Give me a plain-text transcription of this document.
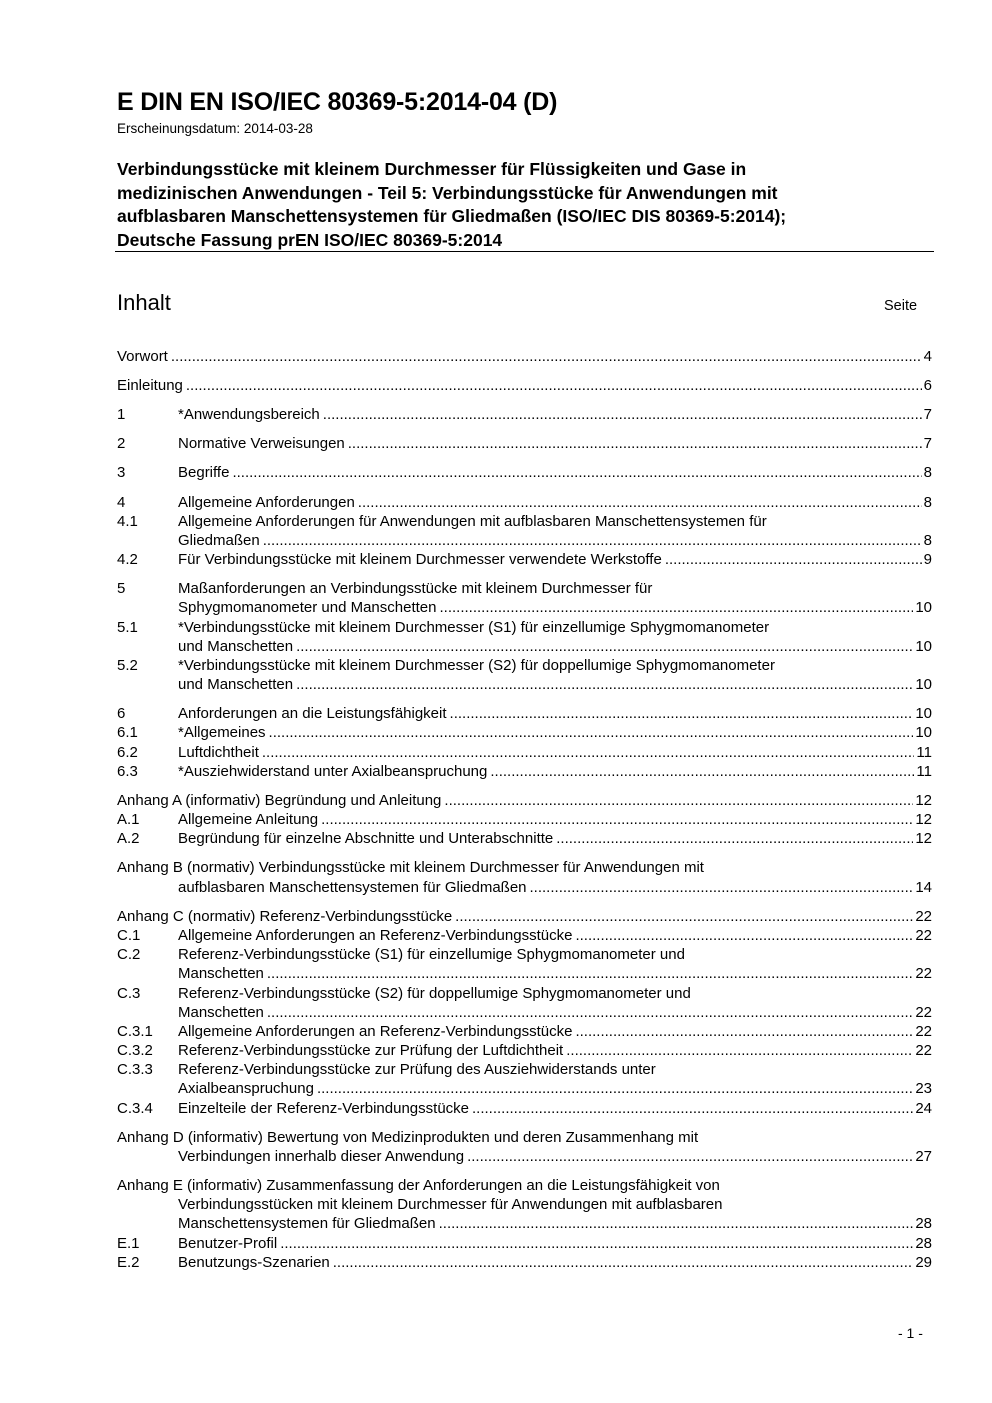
E DIN EN ISO/IEC 80369-5:2014-04 (D)
Erscheinungsdatum: 2014-03-28
Verbindungsstücke mit kleinem Durchmesser für Flüssigkeiten und Gase in
medizinischen Anwendungen - Teil 5: Verbindungsstücke für Anwendungen mit
aufblasbaren Manschettensystemen für Gliedmaßen (ISO/IEC DIS 80369-5:2014);
Deutsche Fassung prEN ISO/IEC 80369-5:2014
Inhalt	Seite
Vorwort .....	4
Einleitung .....	6
1	*Anwendungsbereich .....	7
2	Normative Verweisungen .....	7
3	Begriffe .....	8
4	Allgemeine Anforderungen .....	8
4.1	Allgemeine Anforderungen für Anwendungen mit aufblasbaren Manschettensystemen für
Gliedmaßen .....	8
4.2	Für Verbindungsstücke mit kleinem Durchmesser verwendete Werkstoffe .....	9
5	Maßanforderungen an Verbindungsstücke mit kleinem Durchmesser für
Sphygmomanometer und Manschetten .....	10
5.1	*Verbindungsstücke mit kleinem Durchmesser (S1) für einzellumige Sphygmomanometer
und Manschetten .....	10
5.2	*Verbindungsstücke mit kleinem Durchmesser (S2) für doppellumige Sphygmomanometer
und Manschetten .....	10
6	Anforderungen an die Leistungsfähigkeit .....	10
6.1	*Allgemeines .....	10
6.2	Luftdichtheit .....	11
6.3	*Ausziehwiderstand unter Axialbeanspruchung .....	11
Anhang A (informativ) Begründung und Anleitung .....	12
A.1	Allgemeine Anleitung .....	12
A.2	Begründung für einzelne Abschnitte und Unterabschnitte .....	12
Anhang B (normativ) Verbindungsstücke mit kleinem Durchmesser für Anwendungen mit
aufblasbaren Manschettensystemen für Gliedmaßen .....	14
Anhang C (normativ) Referenz-Verbindungsstücke .....	22
C.1	Allgemeine Anforderungen an Referenz-Verbindungsstücke .....	22
C.2	Referenz-Verbindungsstücke (S1) für einzellumige Sphygmomanometer und
Manschetten .....	22
C.3	Referenz-Verbindungsstücke (S2) für doppellumige Sphygmomanometer und
Manschetten .....	22
C.3.1 Allgemeine Anforderungen an Referenz-Verbindungsstücke .....	22
C.3.2 Referenz-Verbindungsstücke zur Prüfung der Luftdichtheit .....	22
C.3.3 Referenz-Verbindungsstücke zur Prüfung des Ausziehwiderstands unter
Axialbeanspruchung .....	23
C.3.4 Einzelteile der Referenz-Verbindungsstücke .....	24
Anhang D (informativ) Bewertung von Medizinprodukten und deren Zusammenhang mit
Verbindungen innerhalb dieser Anwendung .....	27
Anhang E (informativ) Zusammenfassung der Anforderungen an die Leistungsfähigkeit von
Verbindungsstücken mit kleinem Durchmesser für Anwendungen mit aufblasbaren
Manschettensystemen für Gliedmaßen .....	28
E.1	Benutzer-Profil .....	28
E.2	Benutzungs-Szenarien .....	29
- 1 -
